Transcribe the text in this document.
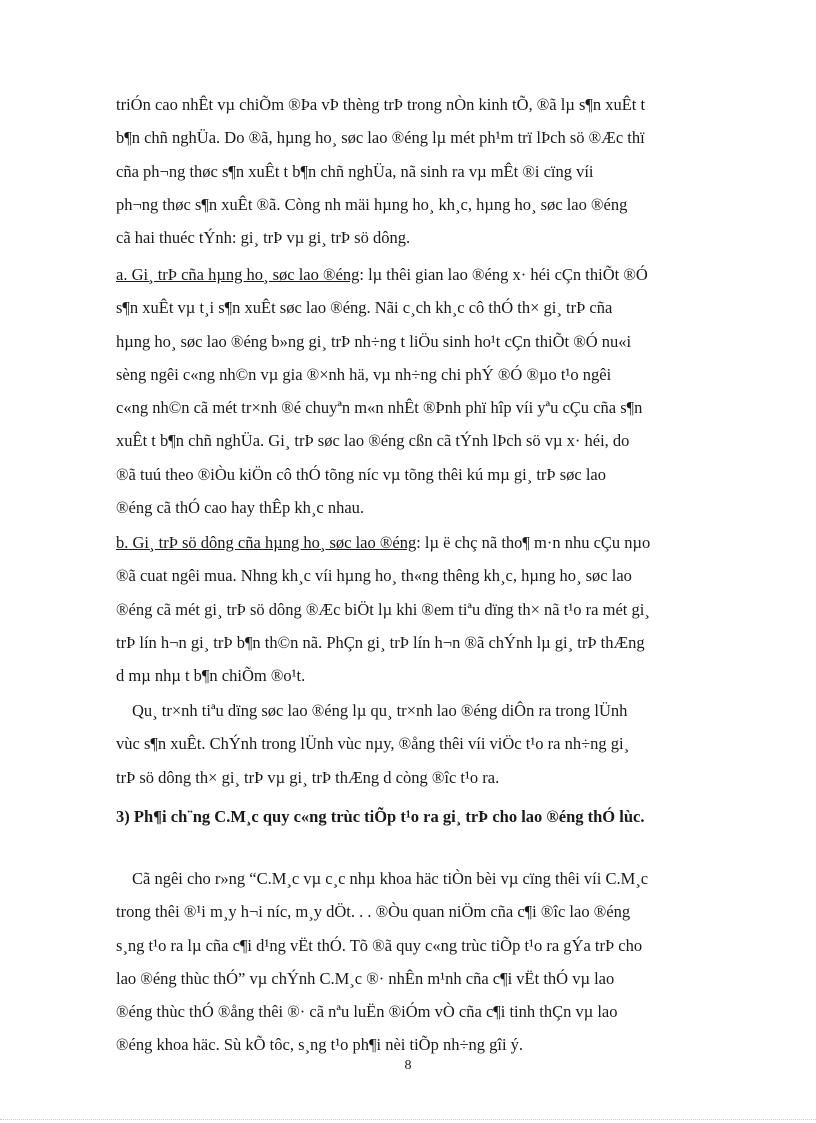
triÓn cao nhÊt vµ chiÕm ®Þa vÞ thèng trÞ trong nÒn kinh tÕ, ®ã lµ s¶n xuÊt t
b¶n chñ nghÜa. Do ®ã, hµng ho¸ søc lao ®éng lµ mét ph¹m trï lÞch sö ®Æc thï
cña ph¬ng thøc s¶n xuÊt t b¶n chñ nghÜa, nã sinh ra vµ mÊt ®i cïng víi
ph¬ng thøc s¶n xuÊt ®ã. Còng nh mäi hµng ho¸ kh¸c, hµng ho¸ søc lao ®éng
cã hai thuéc tÝnh: gi¸ trÞ vµ gi¸ trÞ sö dông.
a. Gi¸ trÞ cña hµng ho¸ søc lao ®éng: lµ thêi gian lao ®éng x· héi cÇn thiÕt ®Ó
s¶n xuÊt vµ t¸i s¶n xuÊt søc lao ®éng. Nãi c¸ch kh¸c cô thÓ th× gi¸ trÞ cña
hµng ho¸ søc lao ®éng b»ng gi¸ trÞ nh÷ng t liÖu sinh ho¹t cÇn thiÕt ®Ó nu«i
sèng ngêi c«ng nh©n vµ gia ®×nh hä, vµ nh÷ng chi phÝ ®Ó ®µo t¹o ngêi
c«ng nh©n cã mét tr×nh ®é chuyªn m«n nhÊt ®Þnh phï hîp víi yªu cÇu cña s¶n
xuÊt t b¶n chñ nghÜa. Gi¸ trÞ søc lao ®éng cßn cã tÝnh lÞch sö vµ x· héi, do
®ã tuú theo ®iÒu kiÖn cô thÓ tõng níc vµ tõng thêi kú mµ gi¸ trÞ søc lao
®éng cã thÓ cao hay thÊp kh¸c nhau.
b. Gi¸ trÞ sö dông cña hµng ho¸ søc lao ®éng: lµ ë chç nã tho¶ m·n nhu cÇu nµo
®ã cuat ngêi mua. Nhng kh¸c víi hµng ho¸ th«ng thêng kh¸c, hµng ho¸ søc lao
®éng cã mét gi¸ trÞ sö dông ®Æc biÖt lµ khi ®em tiªu dïng th× nã t¹o ra mét gi¸
trÞ lín h¬n gi¸ trÞ b¶n th©n nã. PhÇn gi¸ trÞ lín h¬n ®ã chÝnh lµ gi¸ trÞ thÆng
d mµ nhµ t b¶n chiÕm ®o¹t.
Qu¸ tr×nh tiªu dïng søc lao ®éng lµ qu¸ tr×nh lao ®éng diÔn ra trong lÜnh
vùc s¶n xuÊt. ChÝnh trong lÜnh vùc nµy, ®ång thêi víi viÖc t¹o ra nh÷ng gi¸
trÞ sö dông th× gi¸ trÞ vµ gi¸ trÞ thÆng d còng ®îc t¹o ra.
3) Ph¶i ch¨ng C.M¸c quy c«ng trùc tiÕp t¹o ra gi¸ trÞ cho lao ®éng thÓ lùc.
Cã ngêi cho r»ng “C.M¸c vµ c¸c nhµ khoa häc tiÒn bèi vµ cïng thêi víi C.M¸c
trong thêi ®¹i m¸y h¬i níc, m¸y dÖt. . . ®Òu quan niÖm cña c¶i ®îc lao ®éng
s¸ng t¹o ra lµ cña c¶i d¹ng vËt thÓ. Tõ ®ã quy c«ng trùc tiÕp t¹o ra gÝa trÞ cho
lao ®éng thùc thÓ” vµ chÝnh C.M¸c ®· nhÊn m¹nh cña c¶i vËt thÓ vµ lao
®éng thùc thÓ ®ång thêi ®· cã nªu luËn ®iÓm vÒ cña c¶i tinh thÇn vµ lao
®éng khoa häc. Sù kÕ tôc, s¸ng t¹o ph¶i nèi tiÕp nh÷ng gîi ý.
8
